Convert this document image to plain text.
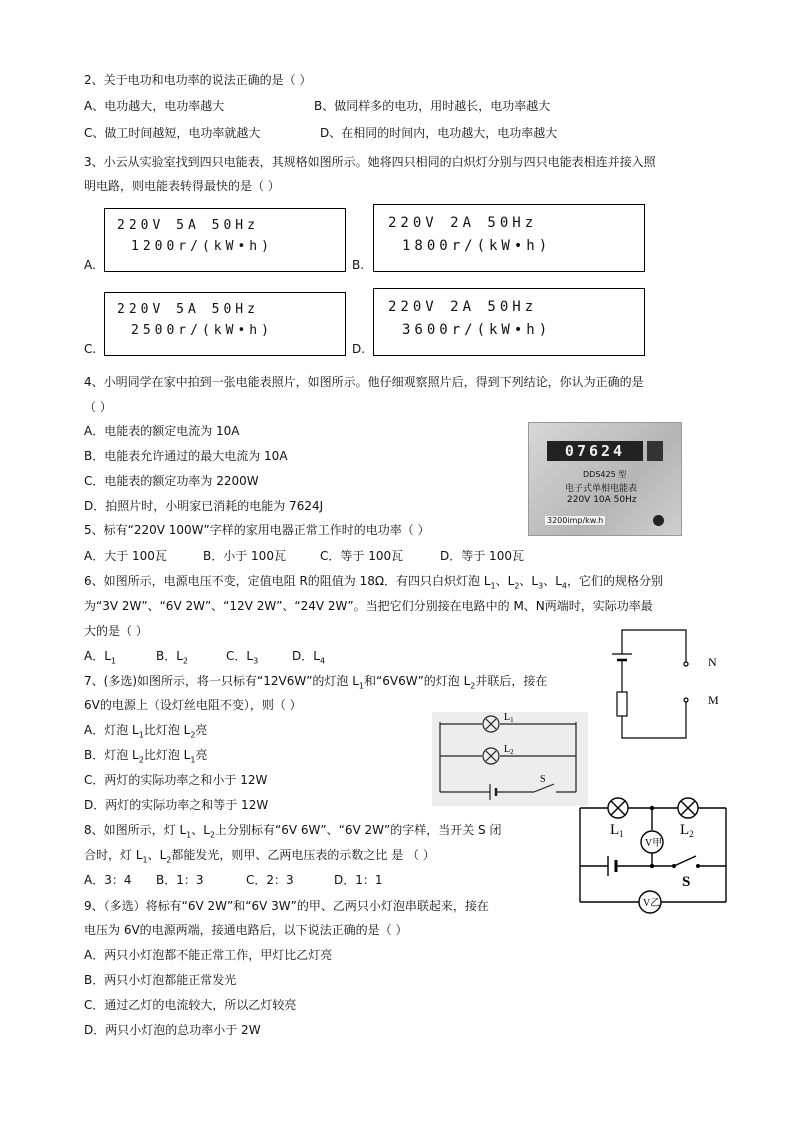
2、关于电功和电功率的说法正确的是（ ）
A、电功越大，电功率越大	B、做同样多的电功，用时越长，电功率越大
C、做工时间越短，电功率就越大	D、在相同的时间内，电功越大，电功率越大
3、小云从实验室找到四只电能表，其规格如图所示。她将四只相同的白炽灯分别与四只电能表相连并接入照
明电路，则电能表转得最快的是（ ）
A.
220V 5A 50Hz
1200r/(kW•h)
B.
220V 2A 50Hz
1800r/(kW•h)
C.
220V 5A 50Hz
2500r/(kW•h)
D.
220V 2A 50Hz
3600r/(kW•h)
4、小明同学在家中拍到一张电能表照片，如图所示。他仔细观察照片后，得到下列结论，你认为正确的是
（ ）
A．电能表的额定电流为 10A
B．电能表允许通过的最大电流为 10A
C．电能表的额定功率为 2200W
D．拍照片时，小明家已消耗的电能为 7624J
07624
DDS425 型
电子式单相电能表
220V 10A 50Hz
3200imp/kw.h
5、标有“220V 100W”字样的家用电器正常工作时的电功率（ ）
A．大于 100瓦	B．小于 100瓦	C．等于 100瓦	D．等于 100瓦
6、如图所示，电源电压不变，定值电阻 R的阻值为 18Ω．有四只白炽灯泡 $L_1$、$L_2$、$L_3$、$L_4$，它们的规格分别
为“3V 2W”、“6V 2W”、“12V 2W”、“24V 2W”。当把它们分别接在电路中的 M、N两端时，实际功率最
大的是（ ）
A．$L_1$	B．$L_2$	C．$L_3$	D．$L_4$	N
M
7、(多选)如图所示，将一只标有“12V6W”的灯泡 $L_1$和“6V6W”的灯泡 $L_2$并联后，接在
6V的电源上（设灯丝电阻不变），则（ ）
A．灯泡 $L_1$比灯泡 $L_2$亮
B．灯泡 $L_2$比灯泡 $L_1$亮
C．两灯的实际功率之和小于 12W
D．两灯的实际功率之和等于 12W
$L_1$
$L_2$
S
8、如图所示，灯 $L_1$、$L_2$上分别标有“6V 6W”、“6V 2W”的字样，当开关 S 闭
合时，灯 $L_1$、$L_2$都能发光，则甲、乙两电压表的示数之比 是 （ ）
A．3：4 B．1：3	C．2：3	D．1：1
$L_1$	$L_2$
V甲
V乙
S
9、（多选）将标有“6V 2W”和“6V 3W”的甲、乙两只小灯泡串联起来，接在
电压为 6V的电源两端，接通电路后，以下说法正确的是（ ）
A．两只小灯泡都不能正常工作，甲灯比乙灯亮
B．两只小灯泡都能正常发光
C．通过乙灯的电流较大，所以乙灯较亮
D．两只小灯泡的总功率小于 2W
